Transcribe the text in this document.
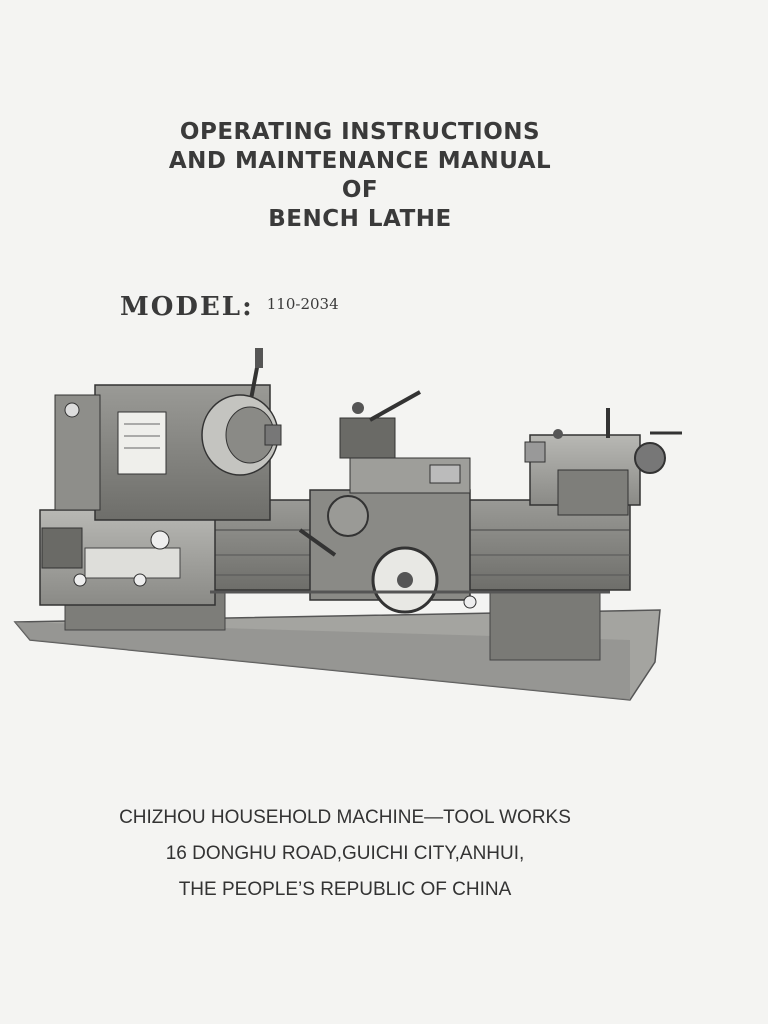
OPERATING INSTRUCTIONS
AND MAINTENANCE MANUAL
OF
BENCH LATHE
MODEL: 110-2034
CHIZHOU HOUSEHOLD MACHINE—TOOL WORKS
16 DONGHU ROAD,GUICHI CITY,ANHUI,
THE PEOPLE’S REPUBLIC OF CHINA
